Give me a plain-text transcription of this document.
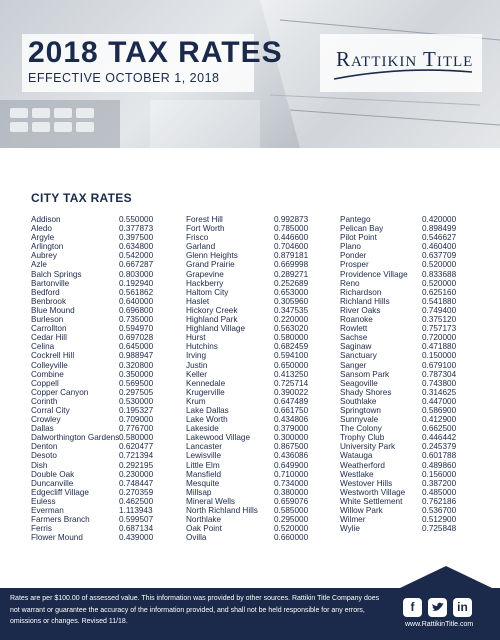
2018 TAX RATES
EFFECTIVE OCTOBER 1, 2018
Rattikin Title
CITY TAX RATES
Addison	0.550000
Aledo	0.377873
Argyle	0.397500
Arlington	0.634800
Aubrey	0.542000
Azle	0.667287
Balch Springs	0.803000
Bartonville	0.192940
Bedford	0.561862
Benbrook	0.640000
Blue Mound	0.696800
Burleson	0.735000
Carrollton	0.594970
Cedar Hill	0.697028
Celina	0.645000
Cockrell Hill	0.988947
Colleyville	0.320800
Combine	0.350000
Coppell	0.569500
Copper Canyon	0.297505
Corinth	0.530000
Corral City	0.195327
Crowley	0.709000
Dallas	0.776700
Dalworthington Gardens 0.580000
Denton	0.620477
Desoto	0.721394
Dish	0.292195
Double Oak	0.230000
Duncanville	0.748447
Edgecliff Village	0.270359
Euless	0.462500
Everman	1.113943
Farmers Branch	0.599507
Ferris	0.687134
Flower Mound	0.439000
Forest Hill	0.992873
Fort Worth	0.785000
Frisco	0.446600
Garland	0.704600
Glenn Heights	0.879181
Grand Prairie	0.669998
Grapevine	0.289271
Hackberry	0.252689
Haltom City	0.653000
Haslet	0.305960
Hickory Creek	0.347535
Highland Park	0.220000
Highland Village	0.563020
Hurst	0.580000
Hutchins	0.682459
Irving	0.594100
Justin	0.650000
Keller	0.413250
Kennedale	0.725714
Krugerville	0.390022
Krum	0.647489
Lake Dallas	0.661750
Lake Worth	0.434806
Lakeside	0.379000
Lakewood Village	0.300000
Lancaster	0.867500
Lewisville	0.436086
Little Elm	0.649900
Mansfield	0.710000
Mesquite	0.734000
Millsap	0.380000
Mineral Wells	0.659076
North Richland Hills	0.585000
Northlake	0.295000
Oak Point	0.520000
Ovilla	0.660000
Pantego	0.420000
Pelican Bay	0.898499
Pilot Point	0.546627
Plano	0.460400
Ponder	0.637709
Prosper	0.520000
Providence Village	0.833688
Reno	0.520000
Richardson	0.625160
Richland Hills	0.541880
River Oaks	0.749400
Roanoke	0.375120
Rowlett	0.757173
Sachse	0.720000
Saginaw	0.471880
Sanctuary	0.150000
Sanger	0.679100
Sansom Park	0.787304
Seagoville	0.743800
Shady Shores	0.314625
Southlake	0.447000
Springtown	0.586900
Sunnyvale	0.412900
The Colony	0.662500
Trophy Club	0.446442
University Park	0.245379
Watauga	0.601788
Weatherford	0.489860
Westlake	0.156000
Westover Hills	0.387200
Westworth Village	0.485000
White Settlement	0.762186
Willow Park	0.536700
Wilmer	0.512900
Wylie	0.725848
Rates are per $100.00 of assessed value. This information was provided by other sources. Rattikin Title Company does not warrant or guarantee the accuracy of the information provided, and shall not be held responsible for any errors, omissions or changes. Revised 11/18.
f	in
www.RattikinTitle.com
